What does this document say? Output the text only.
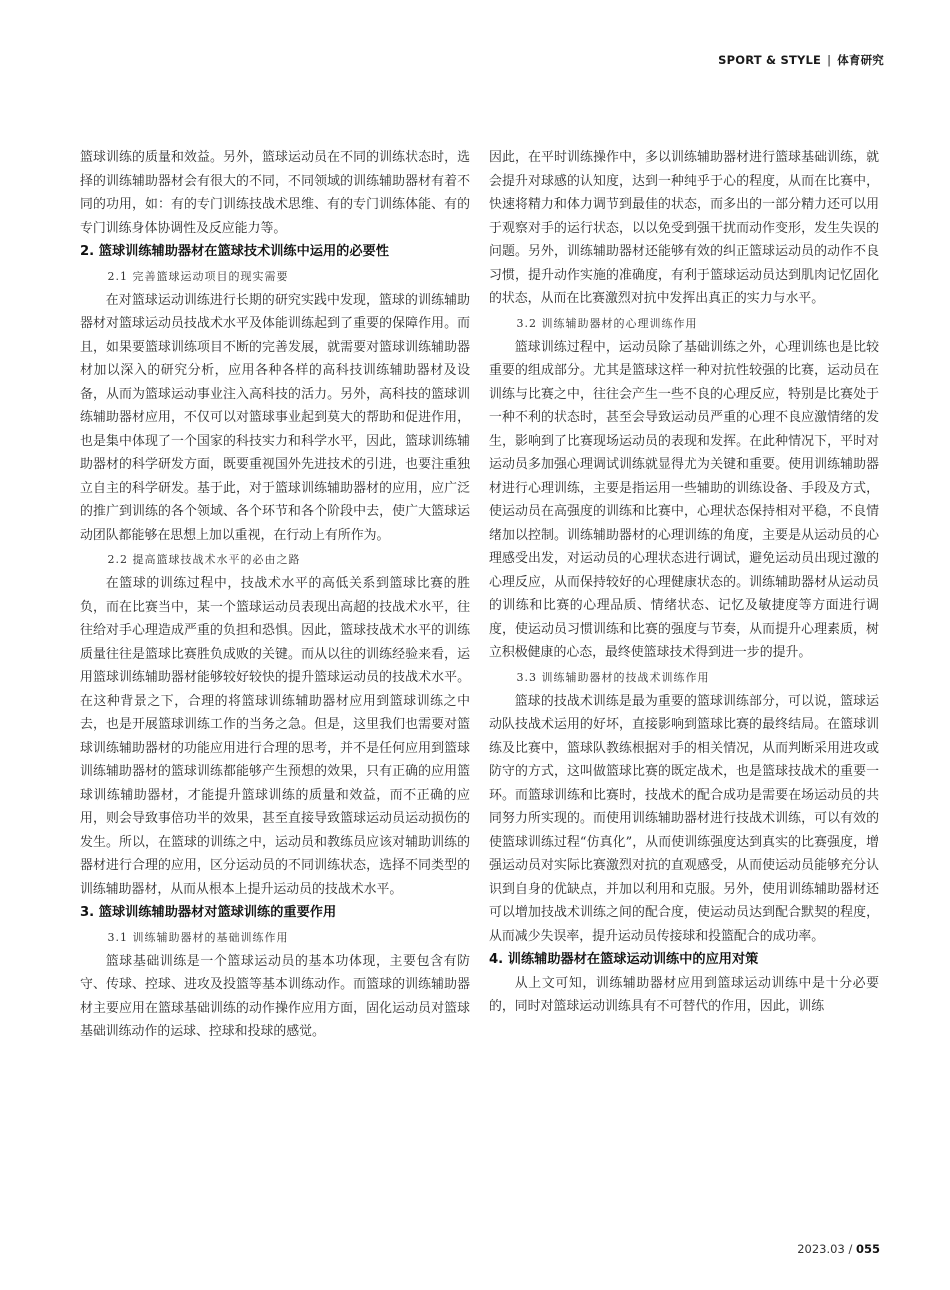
SPORT & STYLE | 体育研究

篮球训练的质量和效益。另外，篮球运动员在不同的训练状态时，选择的训练辅助器材会有很大的不同，不同领域的训练辅助器材有着不同的功用，如：有的专门训练技战术思维、有的专门训练体能、有的专门训练身体协调性及反应能力等。

2. 篮球训练辅助器材在篮球技术训练中运用的必要性
2.1 完善篮球运动项目的现实需要

在对篮球运动训练进行长期的研究实践中发现，篮球的训练辅助器材对篮球运动员技战术水平及体能训练起到了重要的保障作用。而且，如果要篮球训练项目不断的完善发展，就需要对篮球训练辅助器材加以深入的研究分析，应用各种各样的高科技训练辅助器材及设备，从而为篮球运动事业注入高科技的活力。另外，高科技的篮球训练辅助器材应用，不仅可以对篮球事业起到莫大的帮助和促进作用，也是集中体现了一个国家的科技实力和科学水平，因此，篮球训练辅助器材的科学研发方面，既要重视国外先进技术的引进，也要注重独立自主的科学研发。基于此，对于篮球训练辅助器材的应用，应广泛的推广到训练的各个领域、各个环节和各个阶段中去，使广大篮球运动团队都能够在思想上加以重视，在行动上有所作为。

2.2 提高篮球技战术水平的必由之路

在篮球的训练过程中，技战术水平的高低关系到篮球比赛的胜负，而在比赛当中，某一个篮球运动员表现出高超的技战术水平，往往给对手心理造成严重的负担和恐惧。因此，篮球技战术水平的训练质量往往是篮球比赛胜负成败的关键。而从以往的训练经验来看，运用篮球训练辅助器材能够较好较快的提升篮球运动员的技战术水平。在这种背景之下，合理的将篮球训练辅助器材应用到篮球训练之中去，也是开展篮球训练工作的当务之急。但是，这里我们也需要对篮球训练辅助器材的功能应用进行合理的思考，并不是任何应用到篮球训练辅助器材的篮球训练都能够产生预想的效果，只有正确的应用篮球训练辅助器材，才能提升篮球训练的质量和效益，而不正确的应用，则会导致事倍功半的效果，甚至直接导致篮球运动员运动损伤的发生。所以，在篮球的训练之中，运动员和教练员应该对辅助训练的器材进行合理的应用，区分运动员的不同训练状态，选择不同类型的训练辅助器材，从而从根本上提升运动员的技战术水平。

3. 篮球训练辅助器材对篮球训练的重要作用
3.1 训练辅助器材的基础训练作用

篮球基础训练是一个篮球运动员的基本功体现，主要包含有防守、传球、控球、进攻及投篮等基本训练动作。而篮球的训练辅助器材主要应用在篮球基础训练的动作操作应用方面，固化运动员对篮球基础训练动作的运球、控球和投球的感觉。

因此，在平时训练操作中，多以训练辅助器材进行篮球基础训练，就会提升对球感的认知度，达到一种纯乎于心的程度，从而在比赛中，快速将精力和体力调节到最佳的状态，而多出的一部分精力还可以用于观察对手的运行状态，以以免受到强干扰而动作变形，发生失误的问题。另外，训练辅助器材还能够有效的纠正篮球运动员的动作不良习惯，提升动作实施的准确度，有利于篮球运动员达到肌肉记忆固化的状态，从而在比赛激烈对抗中发挥出真正的实力与水平。

3.2 训练辅助器材的心理训练作用

篮球训练过程中，运动员除了基础训练之外，心理训练也是比较重要的组成部分。尤其是篮球这样一种对抗性较强的比赛，运动员在训练与比赛之中，往往会产生一些不良的心理反应，特别是比赛处于一种不利的状态时，甚至会导致运动员严重的心理不良应激情绪的发生，影响到了比赛现场运动员的表现和发挥。在此种情况下，平时对运动员多加强心理调试训练就显得尤为关键和重要。使用训练辅助器材进行心理训练，主要是指运用一些辅助的训练设备、手段及方式，使运动员在高强度的训练和比赛中，心理状态保持相对平稳，不良情绪加以控制。训练辅助器材的心理训练的角度，主要是从运动员的心理感受出发，对运动员的心理状态进行调试，避免运动员出现过激的心理反应，从而保持较好的心理健康状态的。训练辅助器材从运动员的训练和比赛的心理品质、情绪状态、记忆及敏捷度等方面进行调度，使运动员习惯训练和比赛的强度与节奏，从而提升心理素质，树立积极健康的心态，最终使篮球技术得到进一步的提升。

3.3 训练辅助器材的技战术训练作用

篮球的技战术训练是最为重要的篮球训练部分，可以说，篮球运动队技战术运用的好坏，直接影响到篮球比赛的最终结局。在篮球训练及比赛中，篮球队教练根据对手的相关情况，从而判断采用进攻或防守的方式，这叫做篮球比赛的既定战术，也是篮球技战术的重要一环。而篮球训练和比赛时，技战术的配合成功是需要在场运动员的共同努力所实现的。而使用训练辅助器材进行技战术训练，可以有效的使篮球训练过程“仿真化”，从而使训练强度达到真实的比赛强度，增强运动员对实际比赛激烈对抗的直观感受，从而使运动员能够充分认识到自身的优缺点，并加以利用和克服。另外，使用训练辅助器材还可以增加技战术训练之间的配合度，使运动员达到配合默契的程度，从而减少失误率，提升运动员传接球和投篮配合的成功率。

4. 训练辅助器材在篮球运动训练中的应用对策

从上文可知，训练辅助器材应用到篮球运动训练中是十分必要的，同时对篮球运动训练具有不可替代的作用，因此，训练

2023.03 / 055
